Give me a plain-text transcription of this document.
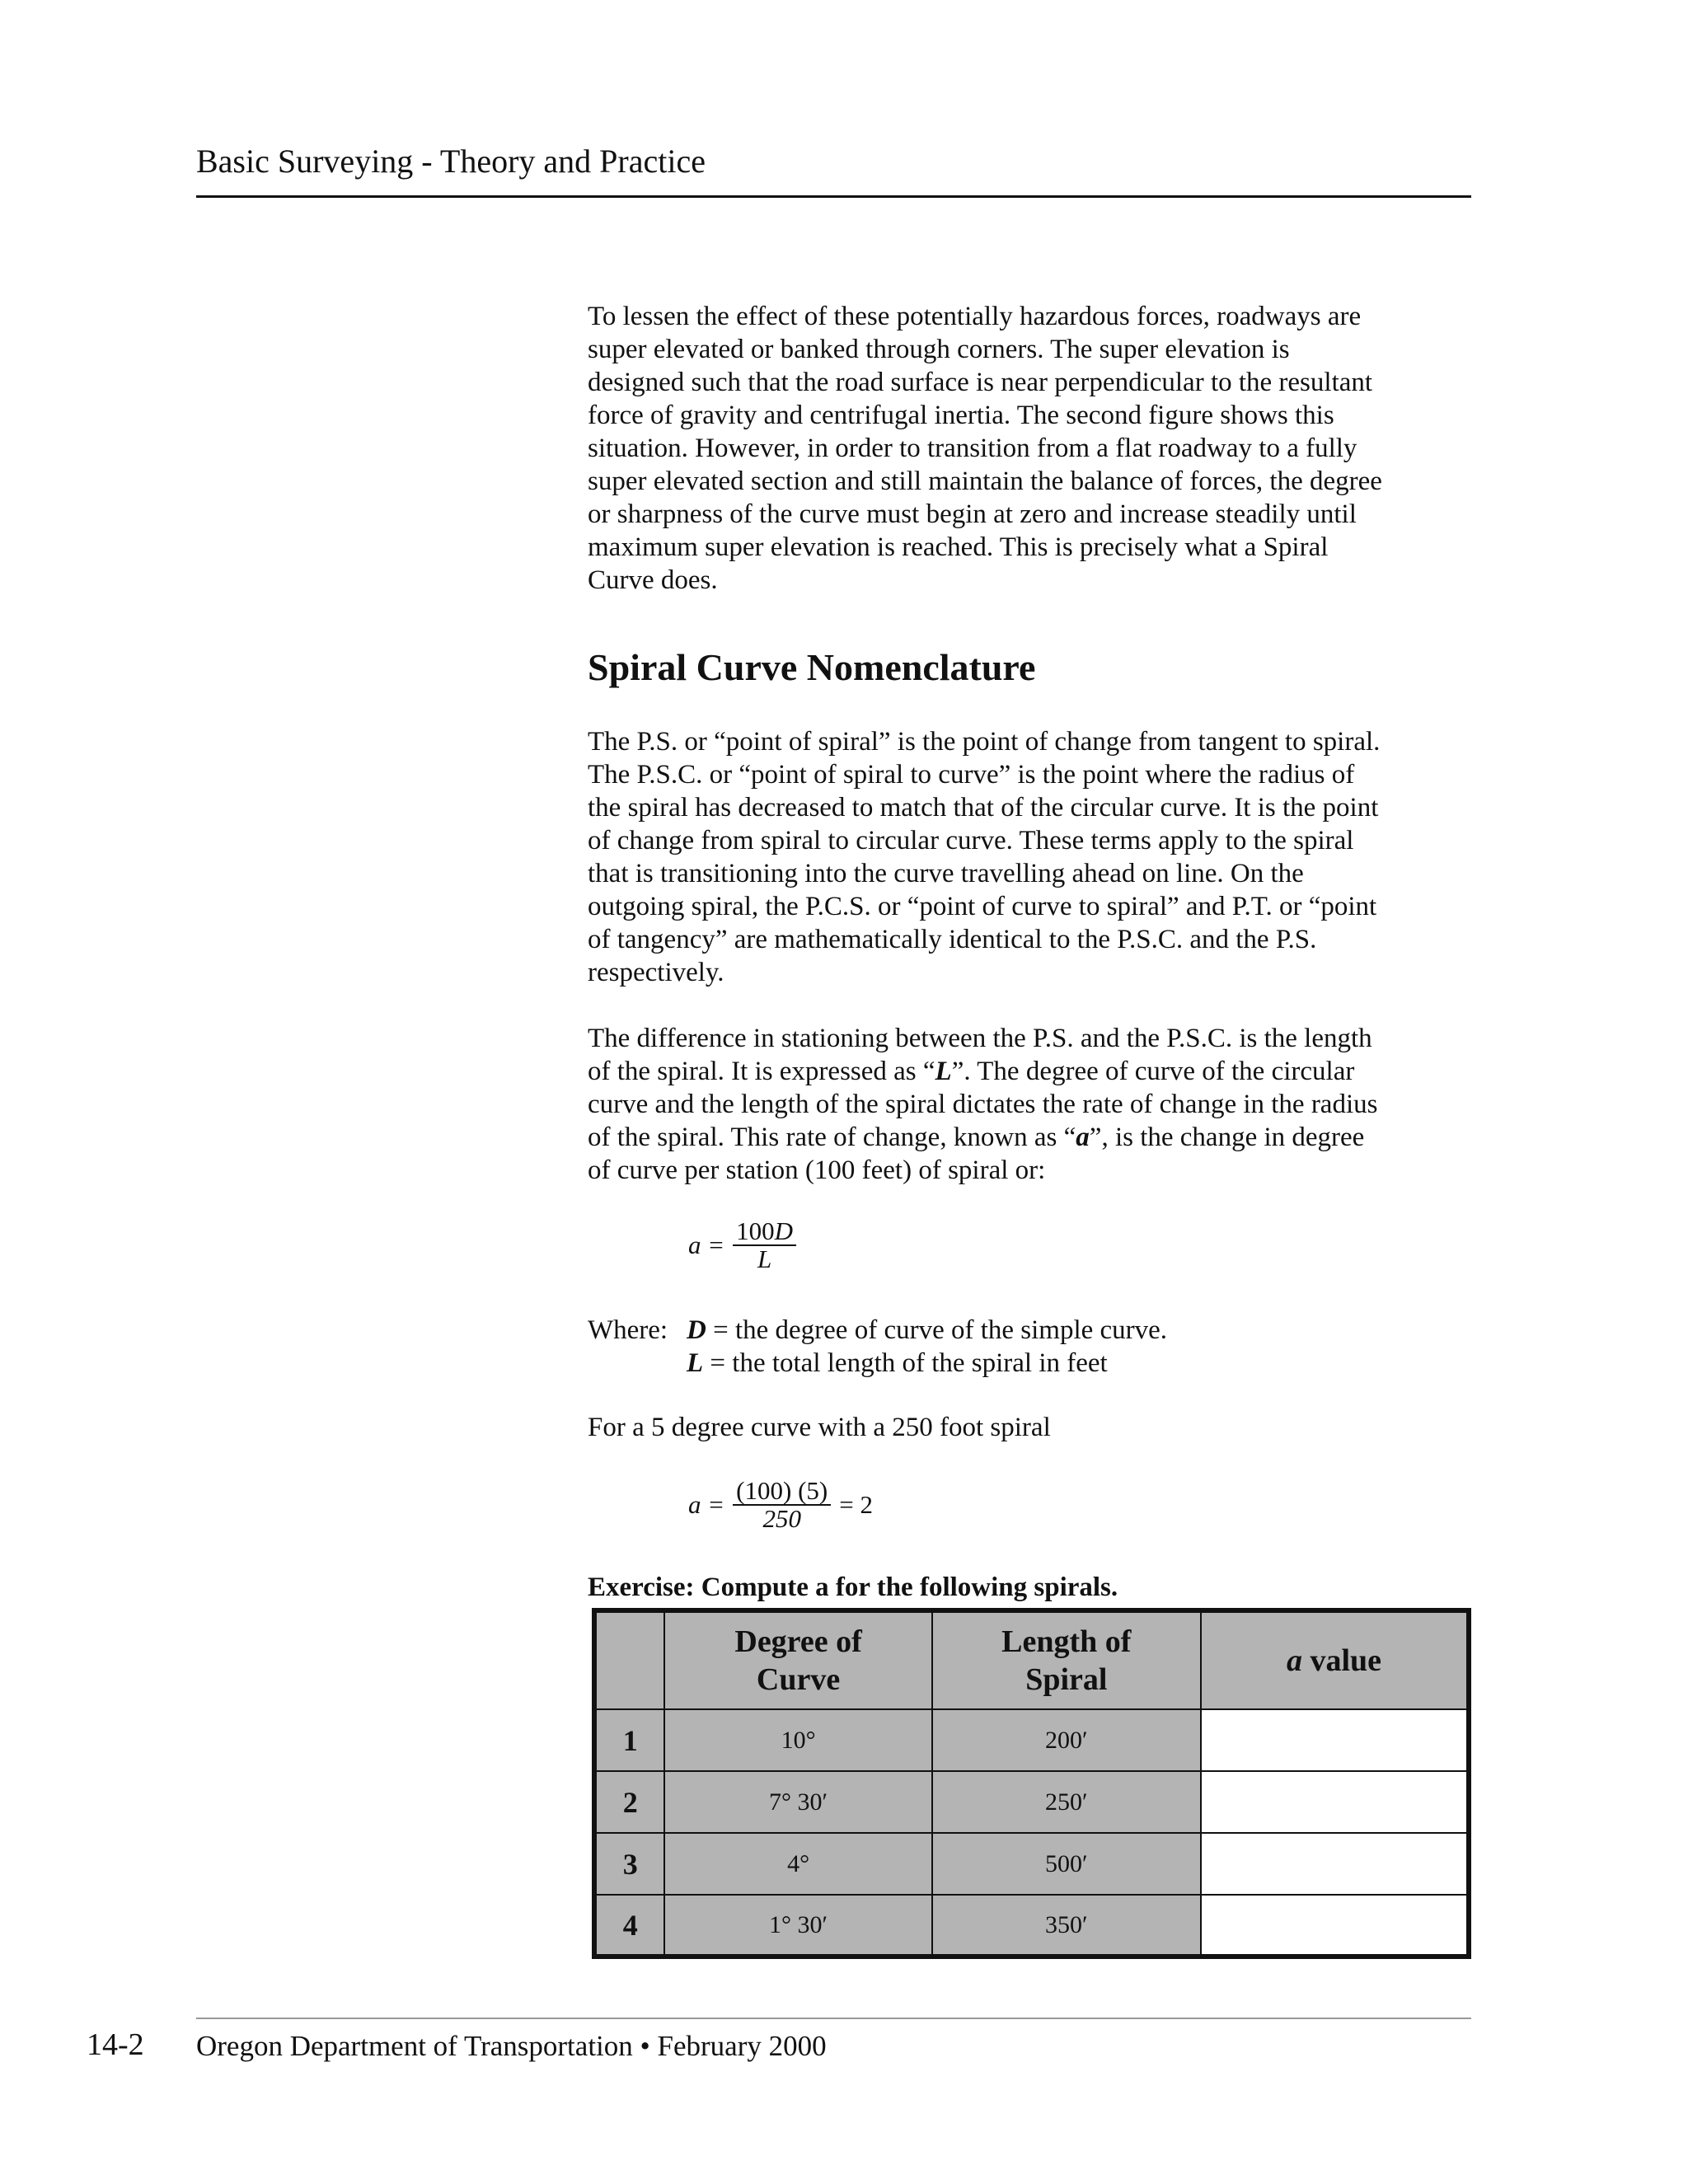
Basic Surveying - Theory and Practice

To lessen the effect of these potentially hazardous forces, roadways are
super elevated or banked through corners. The super elevation is
designed such that the road surface is near perpendicular to the resultant
force of gravity and centrifugal inertia. The second figure shows this
situation. However, in order to transition from a flat roadway to a fully
super elevated section and still maintain the balance of forces, the degree
or sharpness of the curve must begin at zero and increase steadily until
maximum super elevation is reached. This is precisely what a Spiral
Curve does.

Spiral Curve Nomenclature

The P.S. or “point of spiral” is the point of change from tangent to spiral.
The P.S.C. or “point of spiral to curve” is the point where the radius of
the spiral has decreased to match that of the circular curve. It is the point
of change from spiral to circular curve. These terms apply to the spiral
that is transitioning into the curve travelling ahead on line. On the
outgoing spiral, the P.C.S. or “point of curve to spiral” and P.T. or “point
of tangency” are mathematically identical to the P.S.C. and the P.S.
respectively.

The difference in stationing between the P.S. and the P.S.C. is the length
of the spiral. It is expressed as “L”. The degree of curve of the circular
curve and the length of the spiral dictates the rate of change in the radius
of the spiral. This rate of change, known as “a”, is the change in degree
of curve per station (100 feet) of spiral or:

$a = \frac{100D}{L}$
Where: D = the degree of curve of the simple curve.
L = the total length of the spiral in feet
For a 5 degree curve with a 250 foot spiral
$a = \frac{(100) (5)}{250} = 2$
Exercise: Compute a for the following spirals.
	Degree of
Curve	Length of
Spiral	a value
1	10°	200′	
2	7° 30′	250′	
3	4°	500′	
4	1° 30′	350′	
14-2 Oregon Department of Transportation • February 2000
